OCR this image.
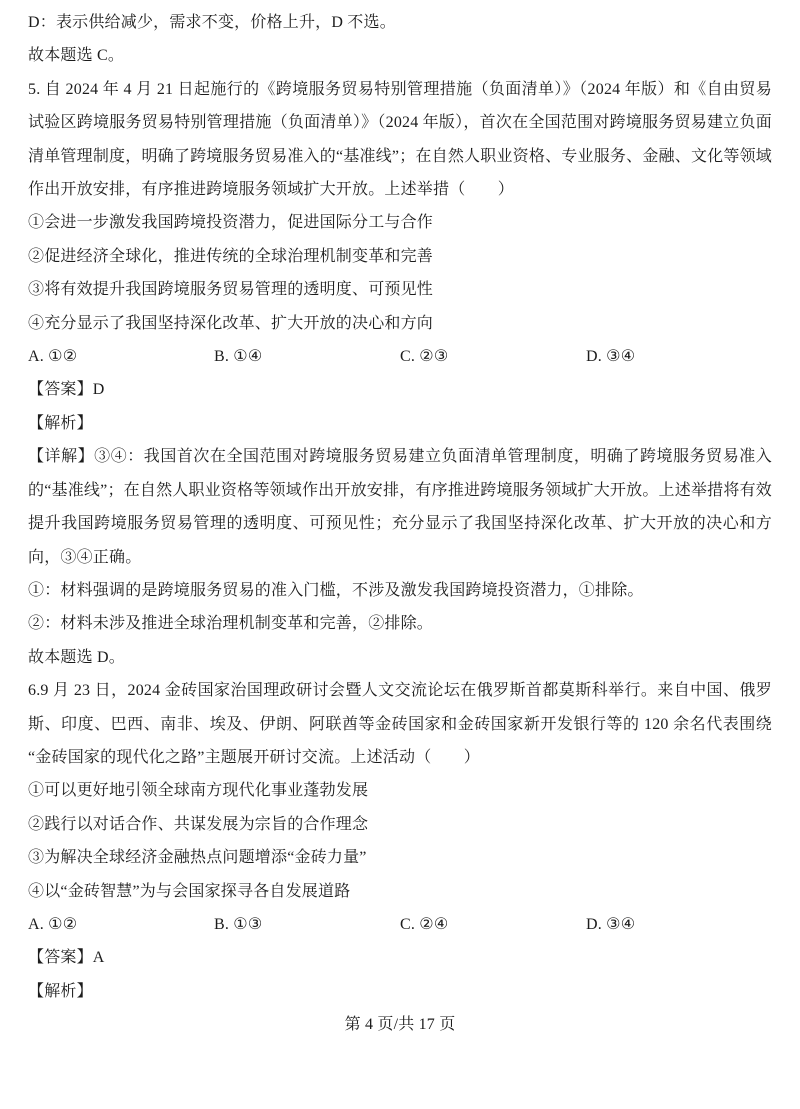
D：表示供给减少，需求不变，价格上升，D 不选。

故本题选 C。

5. 自 2024 年 4 月 21 日起施行的《跨境服务贸易特别管理措施（负面清单）》（2024 年版）和《自由贸易试验区跨境服务贸易特别管理措施（负面清单）》（2024 年版），首次在全国范围对跨境服务贸易建立负面清单管理制度，明确了跨境服务贸易准入的“基准线”；在自然人职业资格、专业服务、金融、文化等领域作出开放安排，有序推进跨境服务领域扩大开放。上述举措（　　）

①会进一步激发我国跨境投资潜力，促进国际分工与合作

②促进经济全球化，推进传统的全球治理机制变革和完善

③将有效提升我国跨境服务贸易管理的透明度、可预见性

④充分显示了我国坚持深化改革、扩大开放的决心和方向

A. ①②	B. ①④	C. ②③	D. ③④

【答案】D

【解析】

【详解】③④：我国首次在全国范围对跨境服务贸易建立负面清单管理制度，明确了跨境服务贸易准入的“基准线”；在自然人职业资格等领域作出开放安排，有序推进跨境服务领域扩大开放。上述举措将有效提升我国跨境服务贸易管理的透明度、可预见性；充分显示了我国坚持深化改革、扩大开放的决心和方向，③④正确。

①：材料强调的是跨境服务贸易的准入门槛，不涉及激发我国跨境投资潜力，①排除。

②：材料未涉及推进全球治理机制变革和完善，②排除。

故本题选 D。

6.9 月 23 日，2024 金砖国家治国理政研讨会暨人文交流论坛在俄罗斯首都莫斯科举行。来自中国、俄罗斯、印度、巴西、南非、埃及、伊朗、阿联酋等金砖国家和金砖国家新开发银行等的 120 余名代表围绕“金砖国家的现代化之路”主题展开研讨交流。上述活动（　　）

①可以更好地引领全球南方现代化事业蓬勃发展

②践行以对话合作、共谋发展为宗旨的合作理念

③为解决全球经济金融热点问题增添“金砖力量”

④以“金砖智慧”为与会国家探寻各自发展道路

A. ①②	B. ①③	C. ②④	D. ③④

【答案】A

【解析】

第 4 页/共 17 页
